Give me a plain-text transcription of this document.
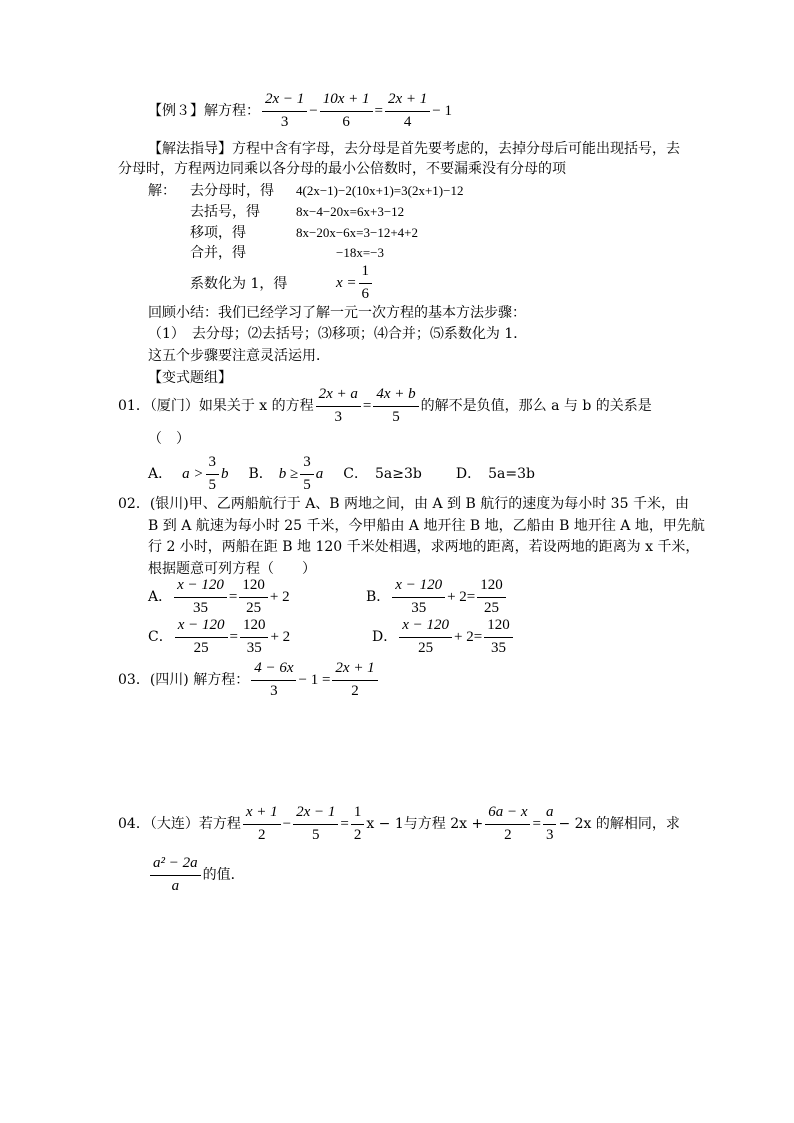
【例３】解方程： $\frac{2x - 1}{3} - \frac{10x + 1}{6} = \frac{2x + 1}{4} - 1$
【解法指导】方程中含有字母，去分母是首先要考虑的，去掉分母后可能出现括号，去
分母时，方程两边同乘以各分母的最小公倍数时，不要漏乘没有分母的项
解： 去分母时，得 4(2x−1)−2(10x+1)=3(2x+1)−12
去括号，得	8x−4−20x=6x+3−12
移项，得	8x−20x−6x=3−12+4+2
合并，得	−18x=−3
系数化为 1，得	$x = \frac{1}{6}$
回顾小结：我们已经学习了解一元一次方程的基本方法步骤：
（1）　去分母；⑵去括号；⑶移项；⑷合并；⑸系数化为 1．
这五个步骤要注意灵活运用．
【变式题组】
01．（厦门）如果关于 x 的方程 $\frac{2x + a}{3} = \frac{4x + b}{5}$ 的解不是负值，那么 a 与 b 的关系是
（　）
A． $a > \frac{3}{5}$ b B． $b \ge \frac{3}{5}$ a C．　5a≥3b D．　5a=3b
02．(银川)甲、乙两船航行于 A、B 两地之间，由 A 到 B 航行的速度为每小时 35 千米，由
B 到 A 航速为每小时 25 千米，今甲船由 A 地开往 B 地，乙船由 B 地开往 A 地，甲先航
行 2 小时，两船在距 B 地 120 千米处相遇，求两地的距离，若设两地的距离为 x 千米，
根据题意可列方程（　　）
A． $\frac{x - 120}{35} = \frac{120}{25} + 2$	B． $\frac{x - 120}{35} + 2 = \frac{120}{25}$
C． $\frac{x - 120}{25} = \frac{120}{35} + 2$	D． $\frac{x - 120}{25} + 2 = \frac{120}{35}$
03．(四川) 解方程： $\frac{4 - 6x}{3} - 1 = \frac{2x + 1}{2}$
04．（大连）若方程 $\frac{x + 1}{2} - \frac{2x - 1}{5} = \frac{1}{2}$ x − 1与方程 $2x + \frac{6a - x}{2} = \frac{a}{3} - 2x$ 的解相同，求
$\frac{\text{a² − 2a}}{a}$ 的值．
